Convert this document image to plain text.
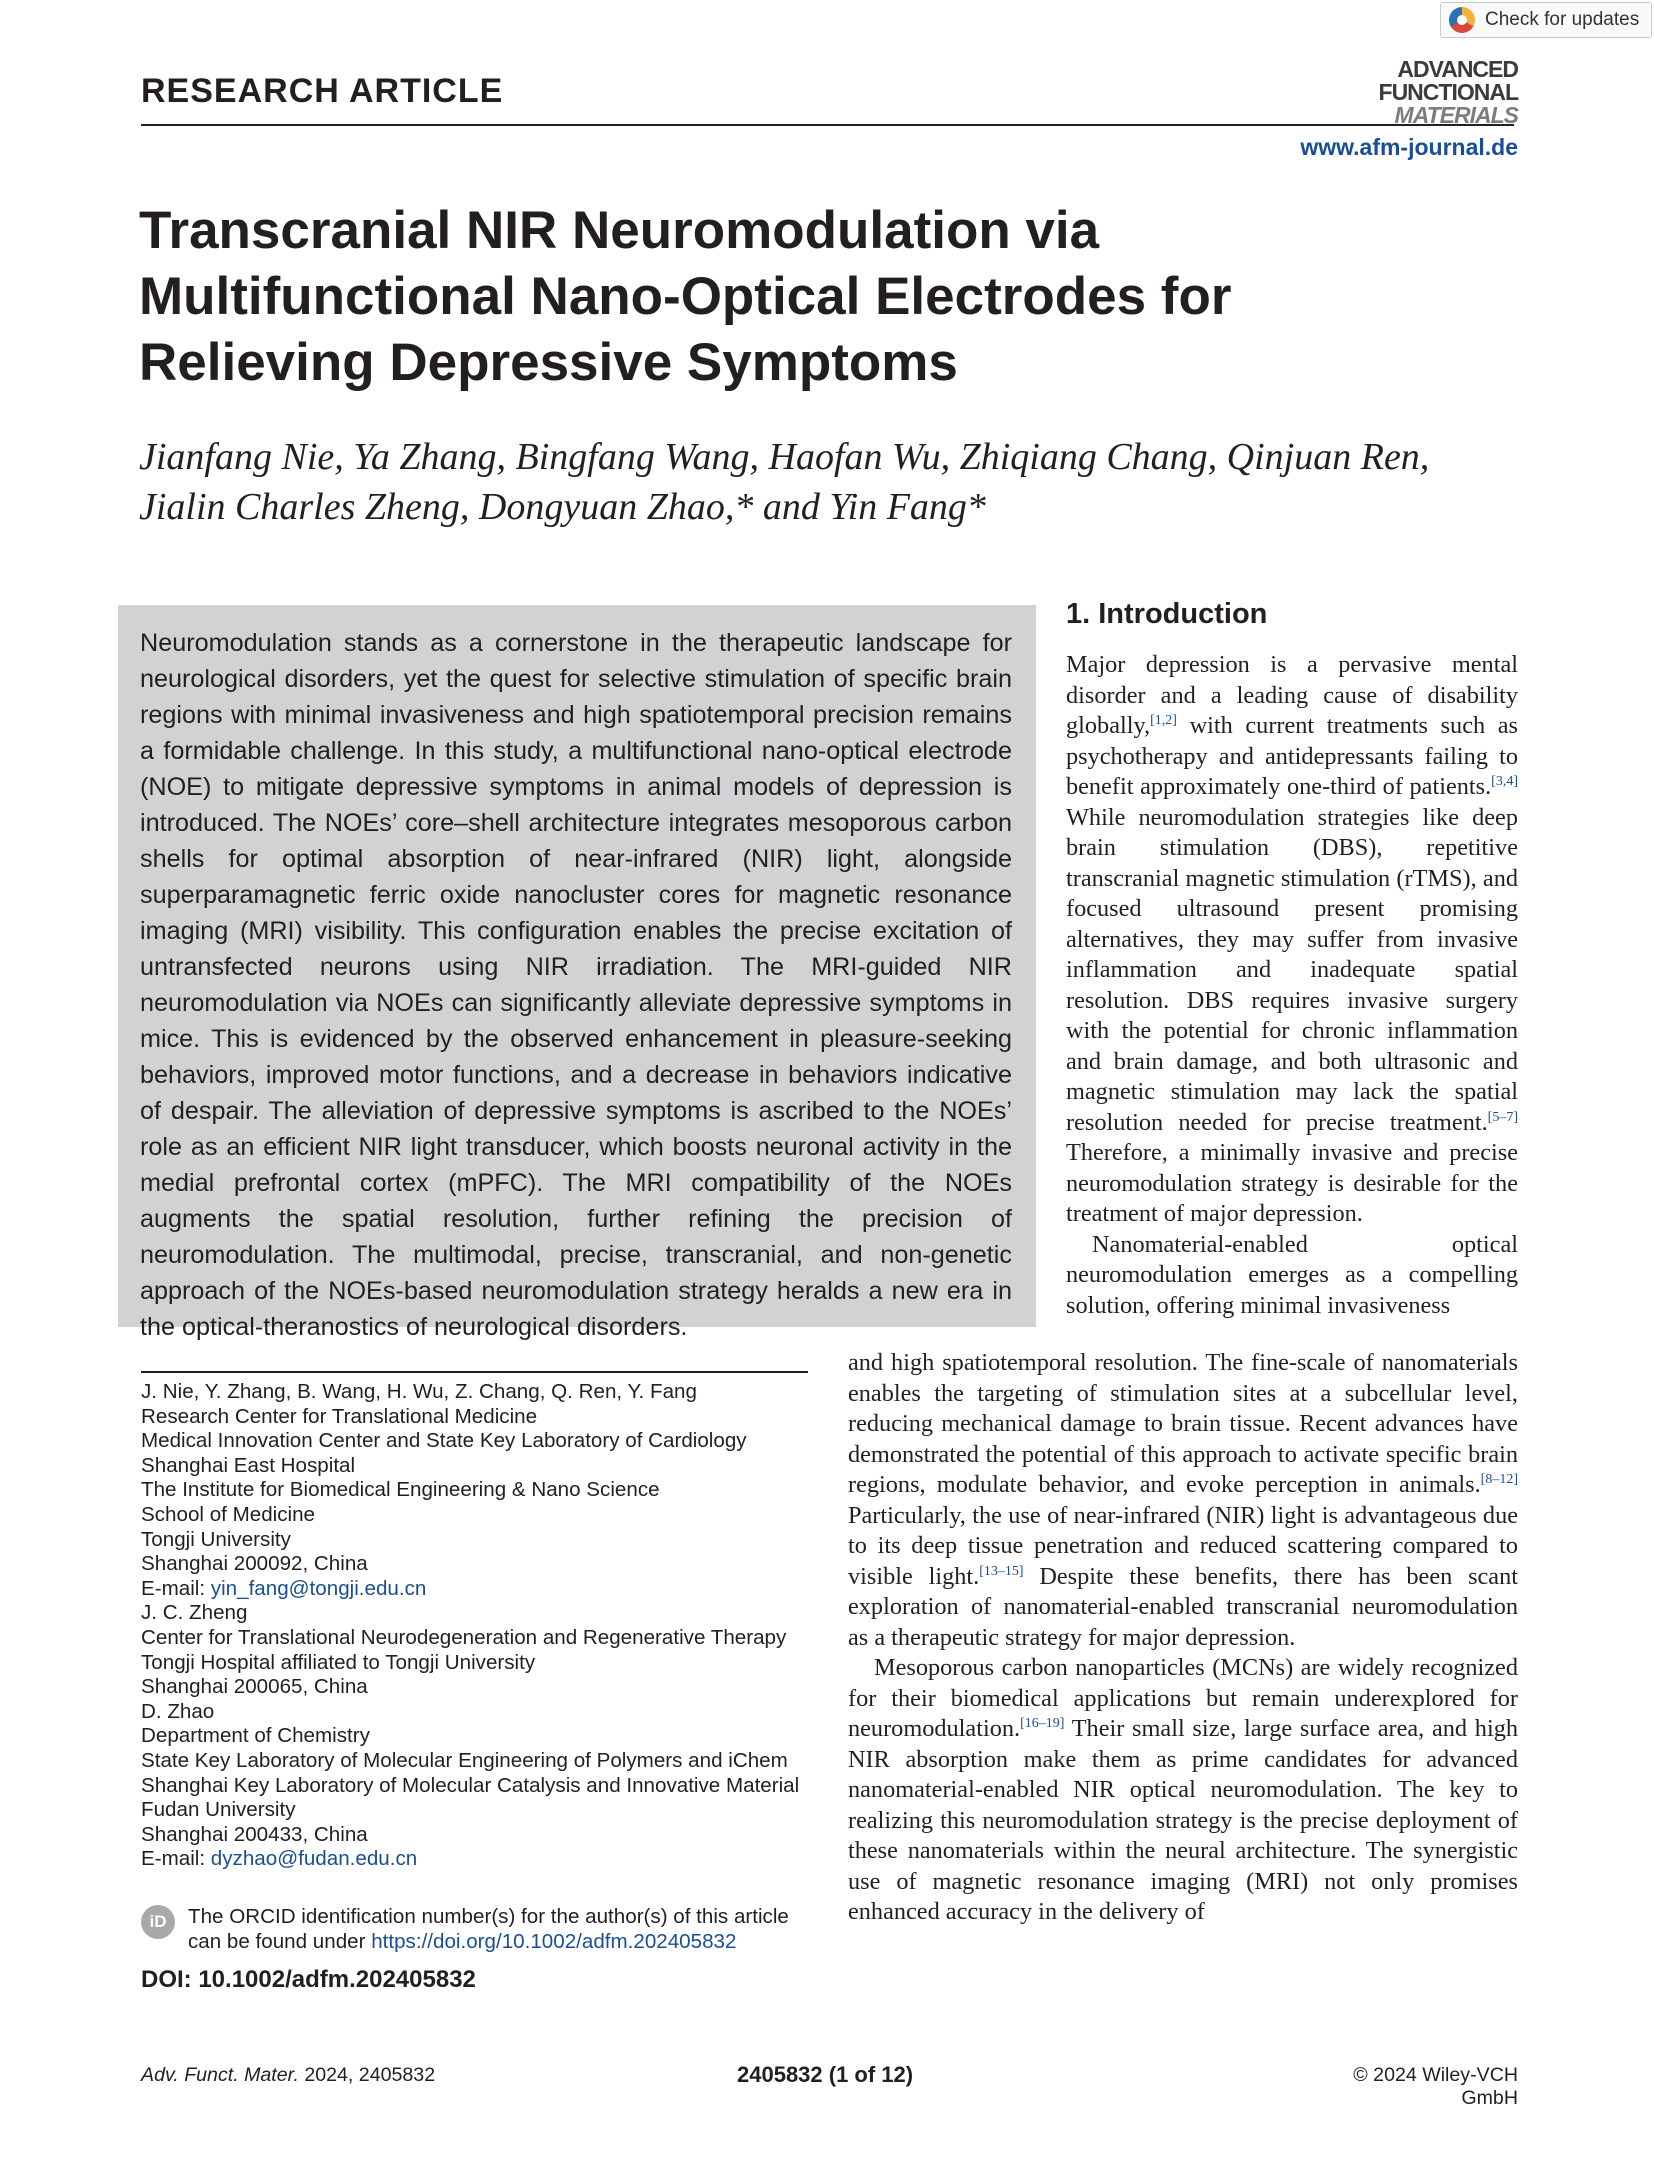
Check for updates
RESEARCH ARTICLE
ADVANCED
FUNCTIONAL
MATERIALS
www.afm-journal.de
Transcranial NIR Neuromodulation via Multifunctional Nano-Optical Electrodes for Relieving Depressive Symptoms
Jianfang Nie, Ya Zhang, Bingfang Wang, Haofan Wu, Zhiqiang Chang, Qinjuan Ren,
Jialin Charles Zheng, Dongyuan Zhao,* and Yin Fang*

Neuromodulation stands as a cornerstone in the therapeutic landscape for neurological disorders, yet the quest for selective stimulation of specific brain regions with minimal invasiveness and high spatiotemporal precision remains a formidable challenge. In this study, a multifunctional nano-optical electrode (NOE) to mitigate depressive symptoms in animal models of depression is introduced. The NOEs’ core–shell architecture integrates mesoporous carbon shells for optimal absorption of near-infrared (NIR) light, alongside superparamagnetic ferric oxide nanocluster cores for magnetic resonance imaging (MRI) visibility. This configuration enables the precise excitation of untransfected neurons using NIR irradiation. The MRI-guided NIR neuromodulation via NOEs can significantly alleviate depressive symptoms in mice. This is evidenced by the observed enhancement in pleasure-seeking behaviors, improved motor functions, and a decrease in behaviors indicative of despair. The alleviation of depressive symptoms is ascribed to the NOEs’ role as an efficient NIR light transducer, which boosts neuronal activity in the medial prefrontal cortex (mPFC). The MRI compatibility of the NOEs augments the spatial resolution, further refining the precision of neuromodulation. The multimodal, precise, transcranial, and non-genetic approach of the NOEs-based neuromodulation strategy heralds a new era in the optical-theranostics of neurological disorders.

1. Introduction

Major depression is a pervasive mental disorder and a leading cause of disability globally,[1,2] with current treatments such as psychotherapy and antidepressants failing to benefit approximately one-third of patients.[3,4] While neuromodulation strategies like deep brain stimulation (DBS), repetitive transcranial magnetic stimulation (rTMS), and focused ultrasound present promising alternatives, they may suffer from invasive inflammation and inadequate spatial resolution. DBS requires invasive surgery with the potential for chronic inflammation and brain damage, and both ultrasonic and magnetic stimulation may lack the spatial resolution needed for precise treatment.[5–7] Therefore, a minimally invasive and precise neuromodulation strategy is desirable for the treatment of major depression.

Nanomaterial-enabled optical neuromodulation emerges as a compelling solution, offering minimal invasiveness

and high spatiotemporal resolution. The fine-scale of nanomaterials enables the targeting of stimulation sites at a subcellular level, reducing mechanical damage to brain tissue. Recent advances have demonstrated the potential of this approach to activate specific brain regions, modulate behavior, and evoke perception in animals.[8–12] Particularly, the use of near-infrared (NIR) light is advantageous due to its deep tissue penetration and reduced scattering compared to visible light.[13–15] Despite these benefits, there has been scant exploration of nanomaterial-enabled transcranial neuromodulation as a therapeutic strategy for major depression.

Mesoporous carbon nanoparticles (MCNs) are widely recognized for their biomedical applications but remain underexplored for neuromodulation.[16–19] Their small size, large surface area, and high NIR absorption make them as prime candidates for advanced nanomaterial-enabled NIR optical neuromodulation. The key to realizing this neuromodulation strategy is the precise deployment of these nanomaterials within the neural architecture. The synergistic use of magnetic resonance imaging (MRI) not only promises enhanced accuracy in the delivery of

J. Nie, Y. Zhang, B. Wang, H. Wu, Z. Chang, Q. Ren, Y. Fang
Research Center for Translational Medicine
Medical Innovation Center and State Key Laboratory of Cardiology
Shanghai East Hospital
The Institute for Biomedical Engineering & Nano Science
School of Medicine
Tongji University
Shanghai 200092, China
E-mail: yin_fang@tongji.edu.cn
J. C. Zheng
Center for Translational Neurodegeneration and Regenerative Therapy
Tongji Hospital affiliated to Tongji University
Shanghai 200065, China
D. Zhao
Department of Chemistry
State Key Laboratory of Molecular Engineering of Polymers and iChem
Shanghai Key Laboratory of Molecular Catalysis and Innovative Material
Fudan University
Shanghai 200433, China
E-mail: dyzhao@fudan.edu.cn
iD	The ORCID identification number(s) for the author(s) of this article
can be found under https://doi.org/10.1002/adfm.202405832
DOI: 10.1002/adfm.202405832
Adv. Funct. Mater. 2024, 2405832	2405832 (1 of 12)	© 2024 Wiley-VCH GmbH
